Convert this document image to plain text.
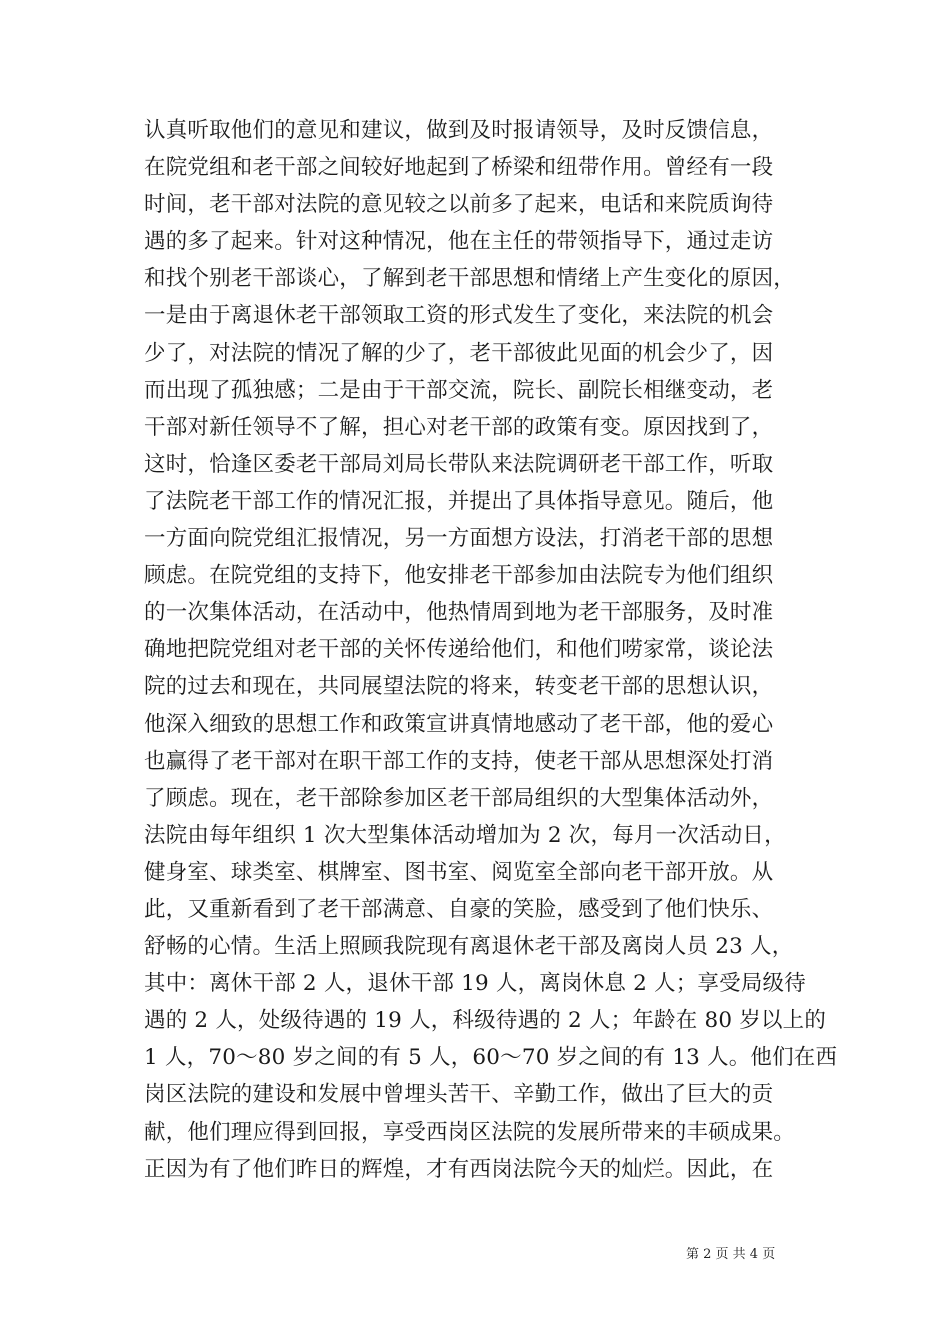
认真听取他们的意见和建议，做到及时报请领导，及时反馈信息，
在院党组和老干部之间较好地起到了桥梁和纽带作用。曾经有一段
时间，老干部对法院的意见较之以前多了起来，电话和来院质询待
遇的多了起来。针对这种情况，他在主任的带领指导下，通过走访
和找个别老干部谈心，了解到老干部思想和情绪上产生变化的原因，
一是由于离退休老干部领取工资的形式发生了变化，来法院的机会
少了，对法院的情况了解的少了，老干部彼此见面的机会少了，因
而出现了孤独感；二是由于干部交流，院长、副院长相继变动，老
干部对新任领导不了解，担心对老干部的政策有变。原因找到了，
这时，恰逢区委老干部局刘局长带队来法院调研老干部工作，听取
了法院老干部工作的情况汇报，并提出了具体指导意见。随后，他
一方面向院党组汇报情况，另一方面想方设法，打消老干部的思想
顾虑。在院党组的支持下，他安排老干部参加由法院专为他们组织
的一次集体活动，在活动中，他热情周到地为老干部服务，及时准
确地把院党组对老干部的关怀传递给他们，和他们唠家常，谈论法
院的过去和现在，共同展望法院的将来，转变老干部的思想认识，
他深入细致的思想工作和政策宣讲真情地感动了老干部，他的爱心
也赢得了老干部对在职干部工作的支持，使老干部从思想深处打消
了顾虑。现在，老干部除参加区老干部局组织的大型集体活动外，
法院由每年组织 1 次大型集体活动增加为 2 次，每月一次活动日，
健身室、球类室、棋牌室、图书室、阅览室全部向老干部开放。从
此，又重新看到了老干部满意、自豪的笑脸，感受到了他们快乐、
舒畅的心情。生活上照顾我院现有离退休老干部及离岗人员 23 人，
其中：离休干部 2 人，退休干部 19 人，离岗休息 2 人；享受局级待
遇的 2 人，处级待遇的 19 人，科级待遇的 2 人；年龄在 80 岁以上的
1 人，70～80 岁之间的有 5 人，60～70 岁之间的有 13 人。他们在西
岗区法院的建设和发展中曾埋头苦干、辛勤工作，做出了巨大的贡
献，他们理应得到回报，享受西岗区法院的发展所带来的丰硕成果。
正因为有了他们昨日的辉煌，才有西岗法院今天的灿烂。因此，在
第 2 页 共 4 页
